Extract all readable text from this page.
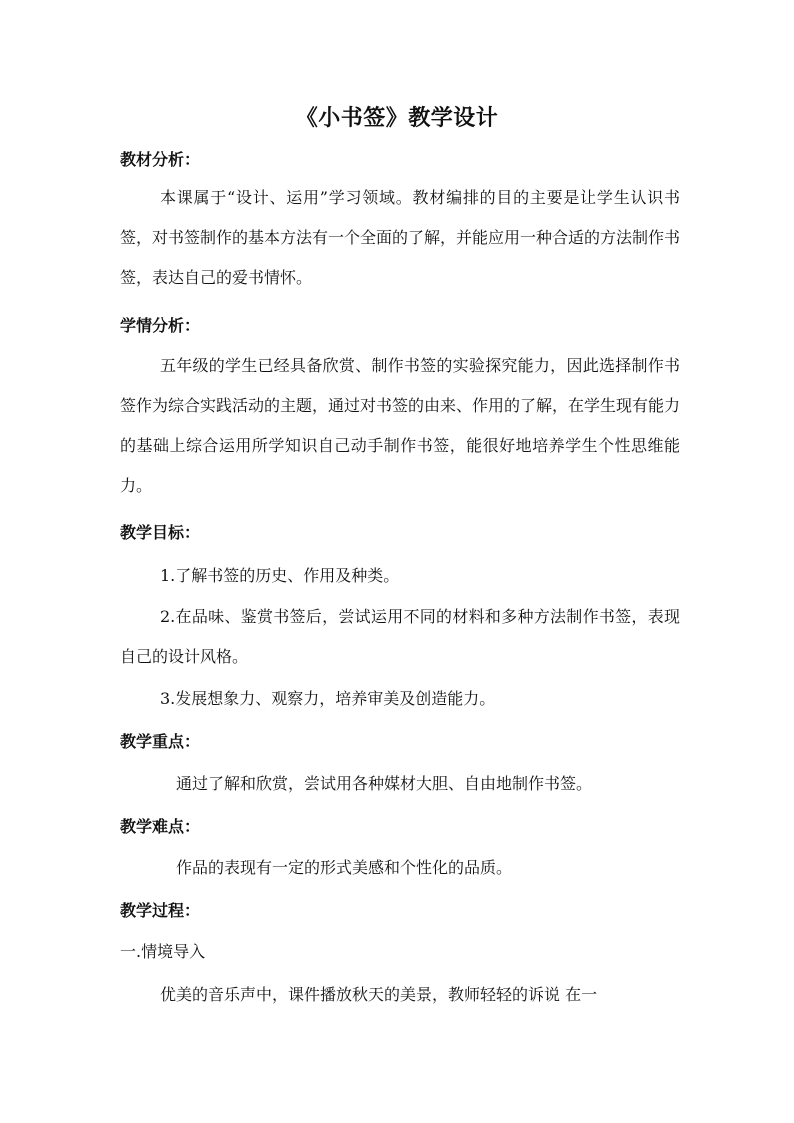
《小书签》教学设计
教材分析：
本课属于“设计、运用”学习领域。教材编排的目的主要是让学生认识书签，对书签制作的基本方法有一个全面的了解，并能应用一种合适的方法制作书签，表达自己的爱书情怀。
学情分析：
五年级的学生已经具备欣赏、制作书签的实验探究能力，因此选择制作书签作为综合实践活动的主题，通过对书签的由来、作用的了解，在学生现有能力的基础上综合运用所学知识自己动手制作书签，能很好地培养学生个性思维能力。
教学目标：
1.了解书签的历史、作用及种类。
2.在品味、鉴赏书签后，尝试运用不同的材料和多种方法制作书签，表现自己的设计风格。
3.发展想象力、观察力，培养审美及创造能力。
教学重点：
通过了解和欣赏，尝试用各种媒材大胆、自由地制作书签。
教学难点：
作品的表现有一定的形式美感和个性化的品质。
教学过程：
一.情境导入
优美的音乐声中，课件播放秋天的美景，教师轻轻的诉说 在一
